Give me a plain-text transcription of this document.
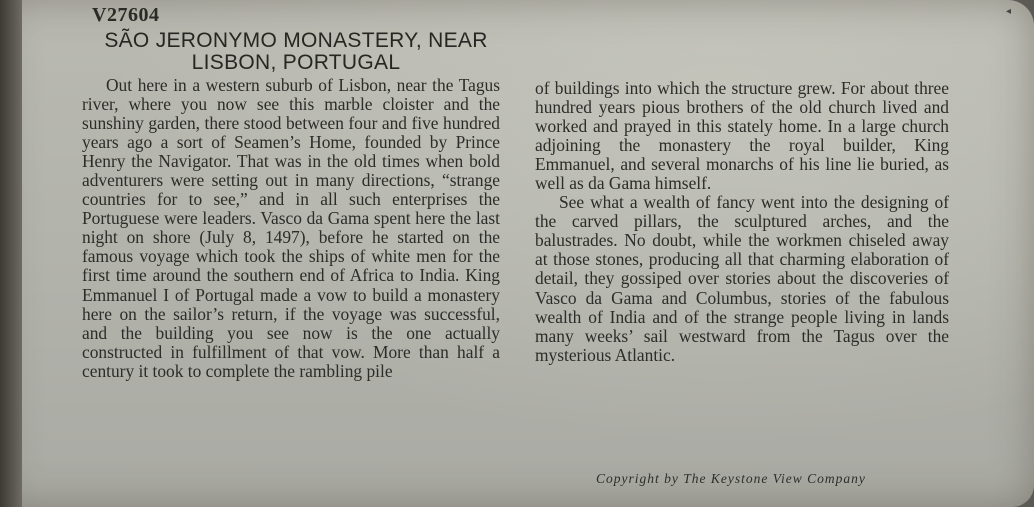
V27604
SÃO JERONYMO MONASTERY, NEAR LISBON, PORTUGAL

Out here in a western suburb of Lisbon, near the Tagus river, where you now see this marble cloister and the sunshiny garden, there stood between four and five hundred years ago a sort of Seamen’s Home, founded by Prince Henry the Navigator. That was in the old times when bold adventurers were setting out in many directions, “strange countries for to see,” and in all such enterprises the Portuguese were leaders. Vasco da Gama spent here the last night on shore (July 8, 1497), before he started on the famous voyage which took the ships of white men for the first time around the southern end of Africa to India. King Emmanuel I of Portugal made a vow to build a monastery here on the sailor’s return, if the voyage was successful, and the building you see now is the one actually constructed in fulfillment of that vow. More than half a century it took to complete the rambling pile

of buildings into which the structure grew. For about three hundred years pious brothers of the old church lived and worked and prayed in this stately home. In a large church adjoining the monastery the royal builder, King Emmanuel, and several monarchs of his line lie buried, as well as da Gama himself.

See what a wealth of fancy went into the designing of the carved pillars, the sculptured arches, and the balustrades. No doubt, while the workmen chiseled away at those stones, producing all that charming elaboration of detail, they gossiped over stories about the discoveries of Vasco da Gama and Columbus, stories of the fabulous wealth of India and of the strange people living in lands many weeks’ sail westward from the Tagus over the mysterious Atlantic.

Copyright by The Keystone View Company
◂
